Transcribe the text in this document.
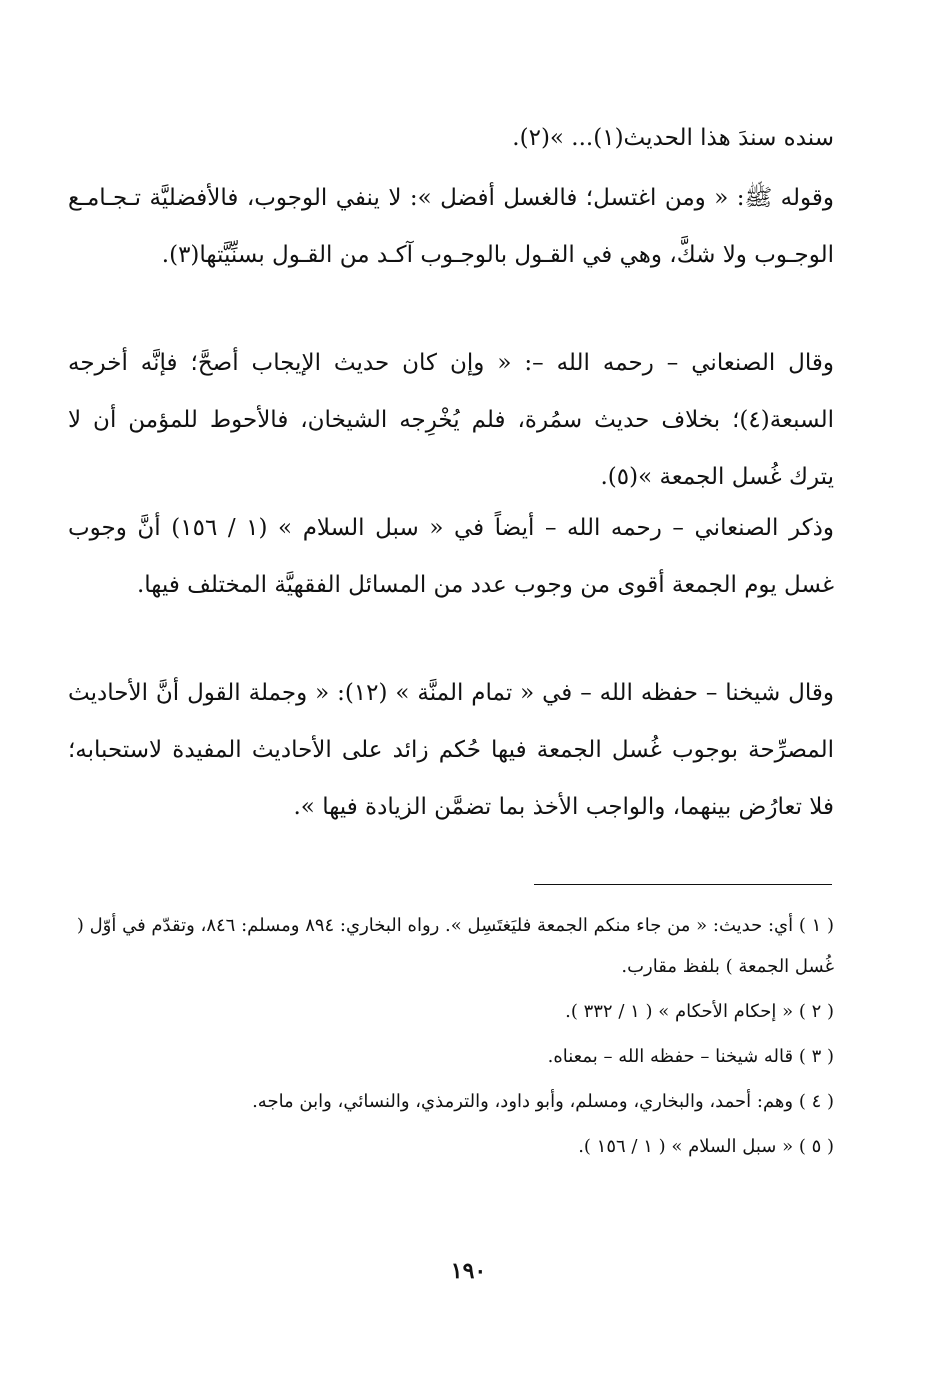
سنده سندَ هذا الحديث(١)... »(٢).
وقوله ﷺ: « ومن اغتسل؛ فالغسل أفضل »: لا ينفي الوجوب، فالأفضليَّة تـجـامـع الوجـوب ولا شكَّ، وهي في القـول بالوجـوب آكـد من القـول بسنِّيَّتها(٣).
وقال الصنعاني – رحمه الله –: « وإن كان حديث الإيجاب أصحَّ؛ فإنَّه أخرجه السبعة(٤)؛ بخلاف حديث سمُرة، فلم يُخْرِجه الشيخان، فالأحوط للمؤمن أن لا يترك غُسل الجمعة »(٥).
وذكر الصنعاني – رحمه الله – أيضاً في « سبل السلام » (١ / ١٥٦) أنَّ وجوب غسل يوم الجمعة أقوى من وجوب عدد من المسائل الفقهيَّة المختلف فيها.
وقال شيخنا – حفظه الله – في « تمام المنَّة » (١٢): « وجملة القول أنَّ الأحاديث المصرِّحة بوجوب غُسل الجمعة فيها حُكم زائد على الأحاديث المفيدة لاستحبابه؛ فلا تعارُض بينهما، والواجب الأخذ بما تضمَّن الزيادة فيها ».
( ١ ) أي: حديث: « من جاء منكم الجمعة فليَغتَسِل ». رواه البخاري: ٨٩٤ ومسلم: ٨٤٦، وتقدّم في أوّل ( غُسل الجمعة ) بلفظ مقارب.
( ٢ ) « إحكام الأحكام » ( ١ / ٣٣٢ ).
( ٣ ) قاله شيخنا – حفظه الله – بمعناه.
( ٤ ) وهم: أحمد، والبخاري، ومسلم، وأبو داود، والترمذي، والنسائي، وابن ماجه.
( ٥ ) « سبل السلام » ( ١ / ١٥٦ ).
١٩٠
